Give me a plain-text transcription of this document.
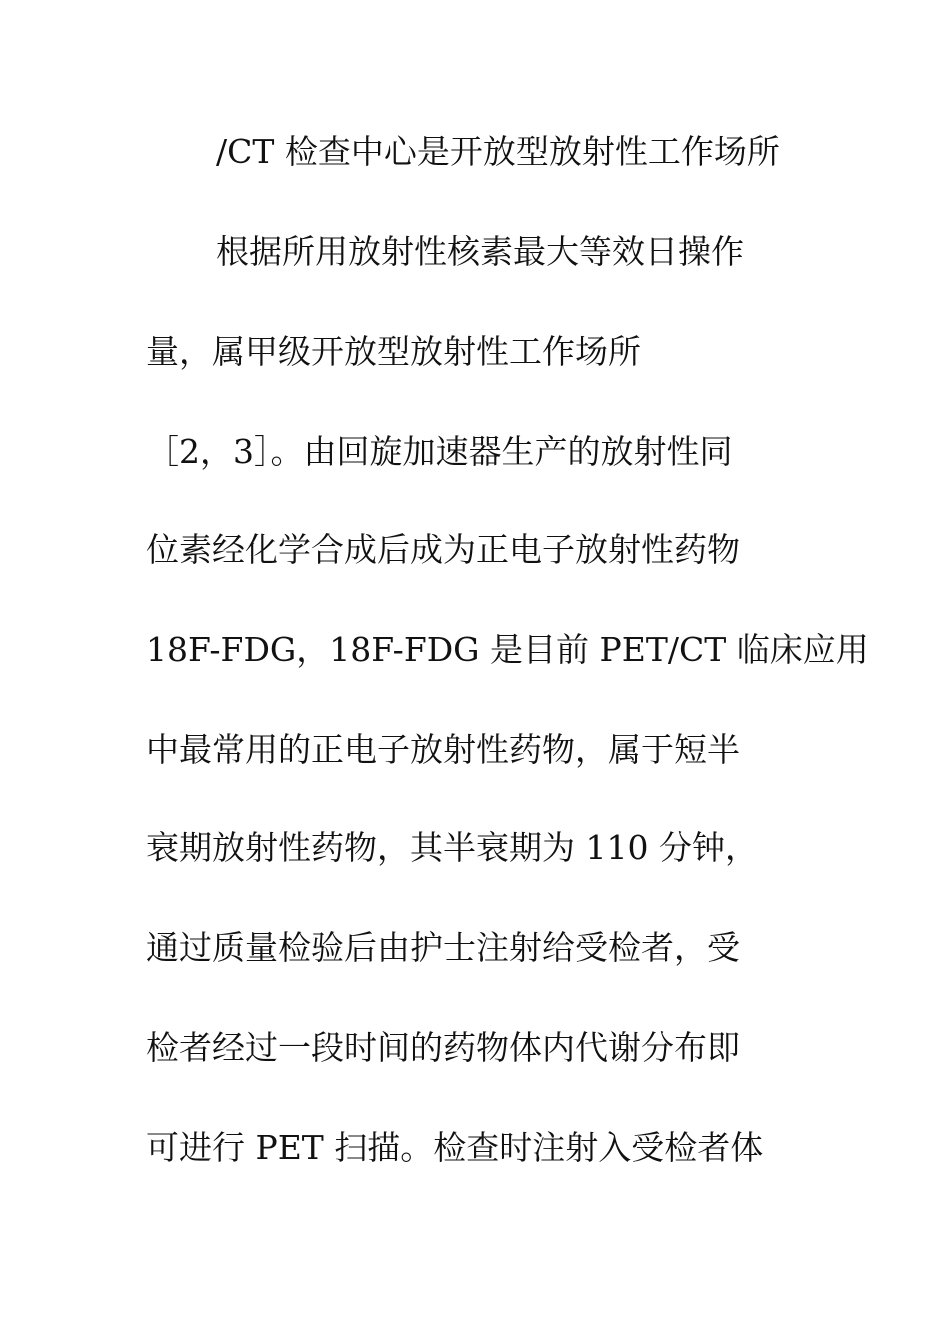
/CT 检查中心是开放型放射性工作场所
根据所用放射性核素最大等效日操作
量，属甲级开放型放射性工作场所
［2，3］。由回旋加速器生产的放射性同
位素经化学合成后成为正电子放射性药物
18F-FDG，18F-FDG 是目前 PET/CT 临床应用
中最常用的正电子放射性药物，属于短半
衰期放射性药物，其半衰期为 110 分钟，
通过质量检验后由护士注射给受检者，受
检者经过一段时间的药物体内代谢分布即
可进行 PET 扫描。检查时注射入受检者体
